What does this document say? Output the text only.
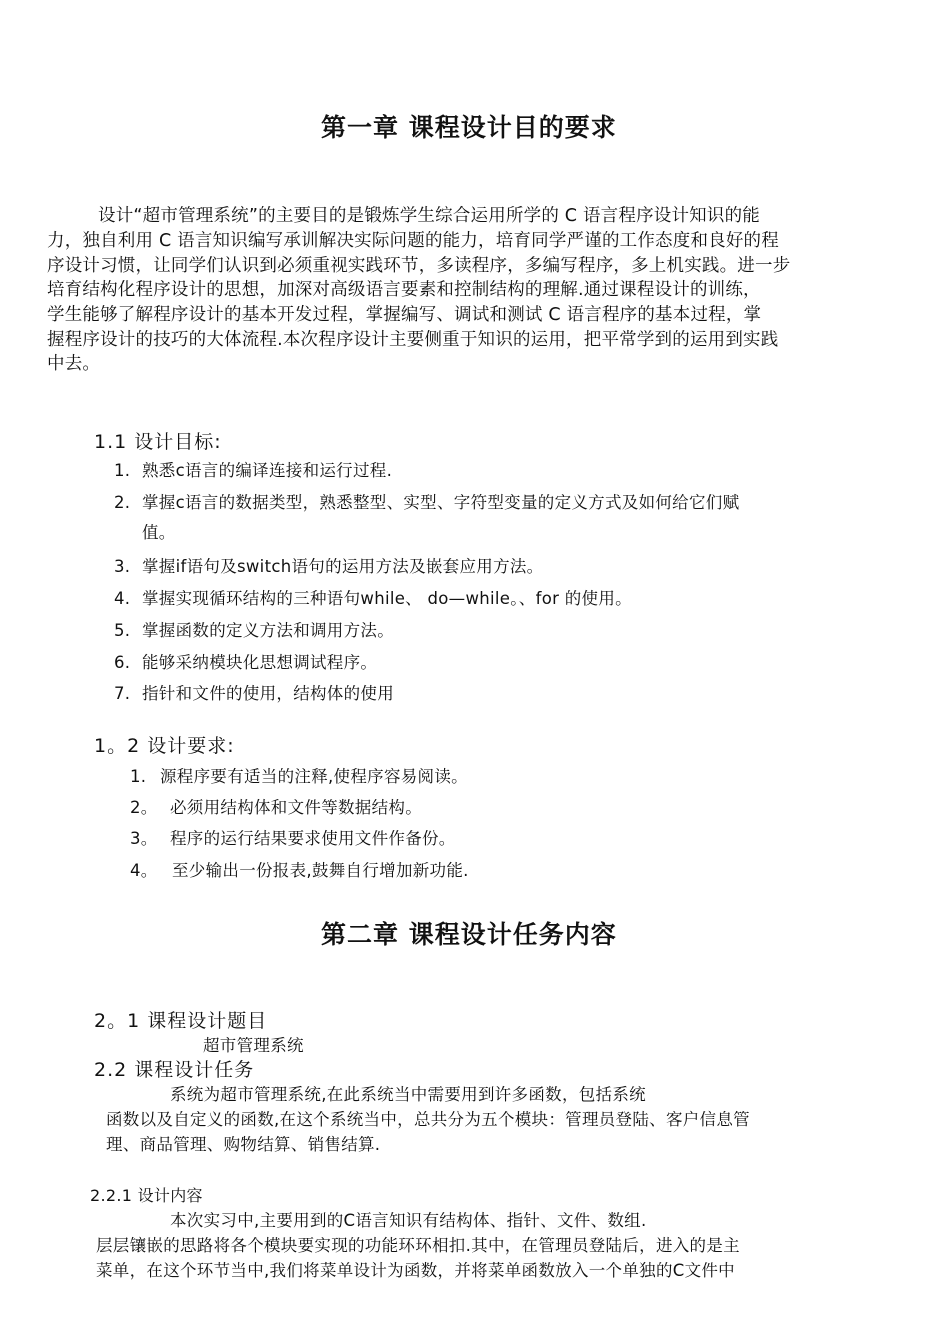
第一章 课程设计目的要求
设计“超市管理系统”的主要目的是锻炼学生综合运用所学的 C 语言程序设计知识的能
力，独自利用 C 语言知识编写承训解决实际问题的能力，培育同学严谨的工作态度和良好的程
序设计习惯，让同学们认识到必须重视实践环节，多读程序，多编写程序，多上机实践。进一步
培育结构化程序设计的思想，加深对高级语言要素和控制结构的理解.通过课程设计的训练，
学生能够了解程序设计的基本开发过程，掌握编写、调试和测试 C 语言程序的基本过程，掌
握程序设计的技巧的大体流程.本次程序设计主要侧重于知识的运用，把平常学到的运用到实践
中去。
1.1 设计目标:
1. 熟悉c语言的编译连接和运行过程.
2. 掌握c语言的数据类型，熟悉整型、实型、字符型变量的定义方式及如何给它们赋
值。
3. 掌握if语句及switch语句的运用方法及嵌套应用方法。
4. 掌握实现循环结构的三种语句while、 do—while。、for 的使用。
5. 掌握函数的定义方法和调用方法。
6. 能够采纳模块化思想调试程序。
7. 指针和文件的使用，结构体的使用
1。2 设计要求:
1. 源程序要有适当的注释,使程序容易阅读。
2。 必须用结构体和文件等数据结构。
3。 程序的运行结果要求使用文件作备份。
4。 至少输出一份报表,鼓舞自行增加新功能.
第二章 课程设计任务内容
2。1 课程设计题目
超市管理系统
2.2 课程设计任务
系统为超市管理系统,在此系统当中需要用到许多函数，包括系统
函数以及自定义的函数,在这个系统当中，总共分为五个模块：管理员登陆、客户信息管
理、商品管理、购物结算、销售结算.
2.2.1 设计内容
本次实习中,主要用到的C语言知识有结构体、指针、文件、数组.
层层镶嵌的思路将各个模块要实现的功能环环相扣.其中，在管理员登陆后，进入的是主
菜单，在这个环节当中,我们将菜单设计为函数，并将菜单函数放入一个单独的C文件中
